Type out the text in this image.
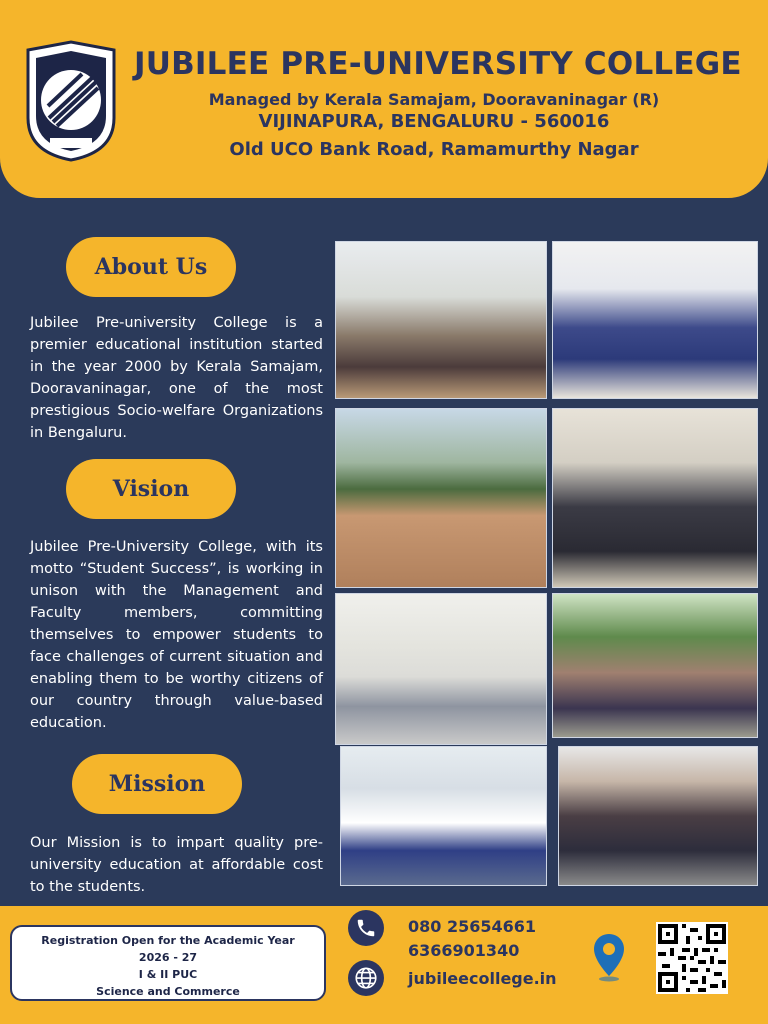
JUBILEE PRE-UNIVERSITY COLLEGE
Managed by Kerala Samajam, Dooravaninagar (R)
VIJINAPURA, BENGALURU - 560016
Old UCO Bank Road, Ramamurthy Nagar
About Us
Jubilee Pre-university College is a premier educational institution started in the year 2000 by Kerala Samajam, Dooravaninagar, one of the most prestigious Socio-welfare Organizations in Bengaluru.
Vision
Jubilee Pre-University College, with its motto “Student Success”, is working in unison with the Management and Faculty members, committing themselves to empower students to face challenges of current situation and enabling them to be worthy citizens of our country through value-based education.
Mission
Our Mission is to impart quality pre-university education at affordable cost to the students.
Registration Open for the Academic Year
2026 - 27
I & II PUC
Science and Commerce
080 25654661
6366901340
jubileecollege.in
